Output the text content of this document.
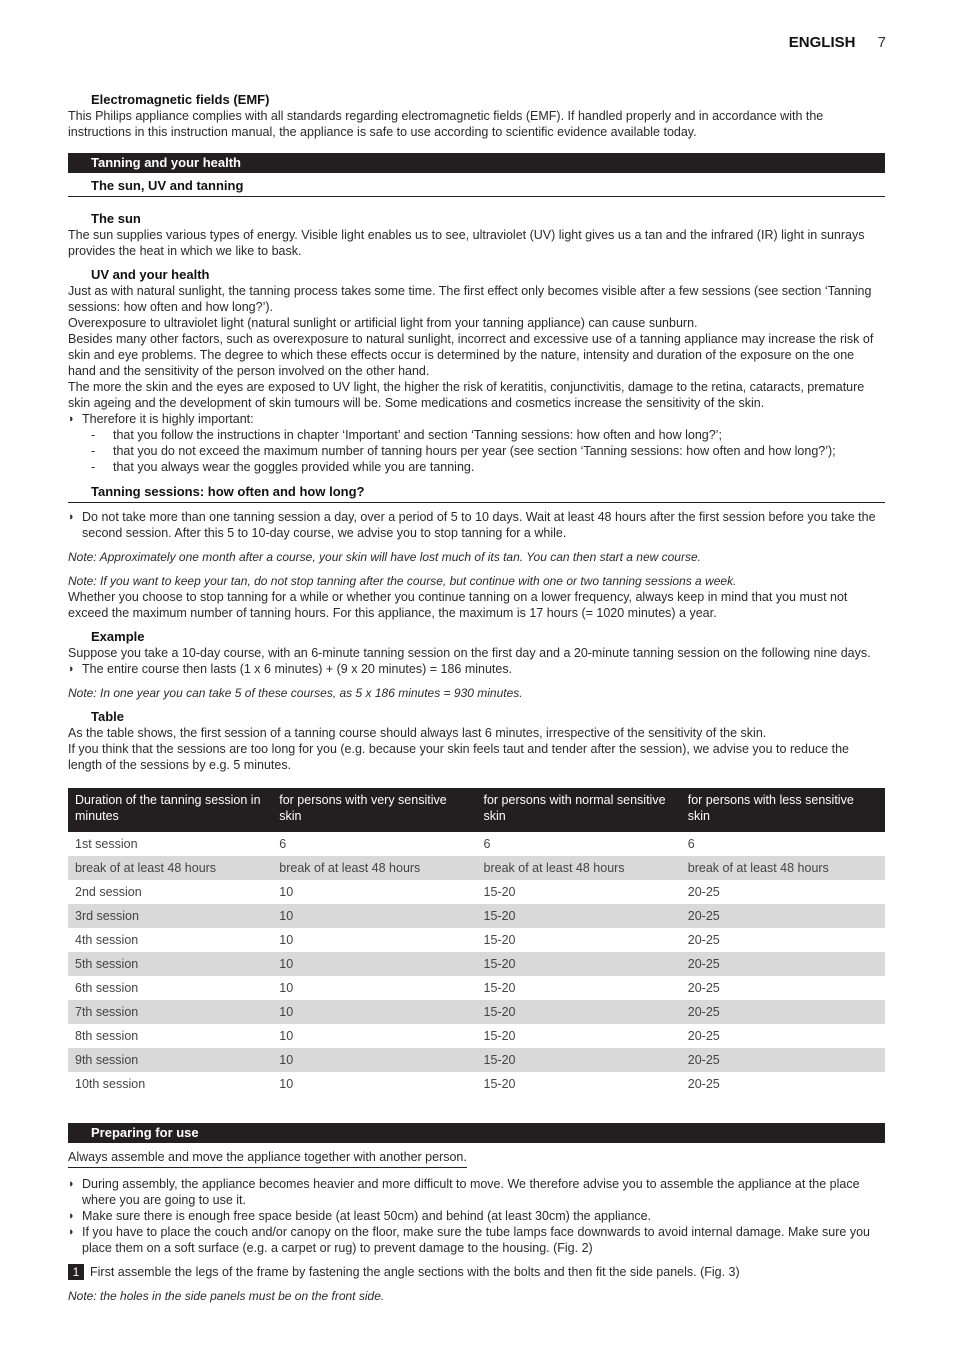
ENGLISH 7
Electromagnetic fields (EMF)

This Philips appliance complies with all standards regarding electromagnetic fields (EMF). If handled properly and in accordance with the instructions in this instruction manual, the appliance is safe to use according to scientific evidence available today.

Tanning and your health
The sun, UV and tanning
The sun

The sun supplies various types of energy. Visible light enables us to see, ultraviolet (UV) light gives us a tan and the infrared (IR) light in sunrays provides the heat in which we like to bask.

UV and your health

Just as with natural sunlight, the tanning process takes some time. The first effect only becomes visible after a few sessions (see section ‘Tanning sessions: how often and how long?’).

Overexposure to ultraviolet light (natural sunlight or artificial light from your tanning appliance) can cause sunburn.

Besides many other factors, such as overexposure to natural sunlight, incorrect and excessive use of a tanning appliance may increase the risk of skin and eye problems. The degree to which these effects occur is determined by the nature, intensity and duration of the exposure on the one hand and the sensitivity of the person involved on the other hand.

The more the skin and the eyes are exposed to UV light, the higher the risk of keratitis, conjunctivitis, damage to the retina, cataracts, premature skin ageing and the development of skin tumours will be. Some medications and cosmetics increase the sensitivity of the skin.

◗ Therefore it is highly important:
- that you follow the instructions in chapter ‘Important’ and section ‘Tanning sessions: how often and how long?’;
- that you do not exceed the maximum number of tanning hours per year (see section ‘Tanning sessions: how often and how long?’);
- that you always wear the goggles provided while you are tanning.
Tanning sessions: how often and how long?
◗ Do not take more than one tanning session a day, over a period of 5 to 10 days. Wait at least 48 hours after the first session before you take the second session. After this 5 to 10-day course, we advise you to stop tanning for a while.
Note: Approximately one month after a course, your skin will have lost much of its tan. You can then start a new course.
Note: If you want to keep your tan, do not stop tanning after the course, but continue with one or two tanning sessions a week.

Whether you choose to stop tanning for a while or whether you continue tanning on a lower frequency, always keep in mind that you must not exceed the maximum number of tanning hours. For this appliance, the maximum is 17 hours (= 1020 minutes) a year.

Example

Suppose you take a 10-day course, with an 6-minute tanning session on the first day and a 20-minute tanning session on the following nine days.

◗ The entire course then lasts (1 x 6 minutes) + (9 x 20 minutes) = 186 minutes.
Note: In one year you can take 5 of these courses, as 5 x 186 minutes = 930 minutes.
Table

As the table shows, the first session of a tanning course should always last 6 minutes, irrespective of the sensitivity of the skin.

If you think that the sessions are too long for you (e.g. because your skin feels taut and tender after the session), we advise you to reduce the length of the sessions by e.g. 5 minutes.

Duration of the tanning session in minutes	for persons with very sensitive skin	for persons with normal sensitive skin	for persons with less sensitive skin
1st session	6	6	6
break of at least 48 hours	break of at least 48 hours	break of at least 48 hours	break of at least 48 hours
2nd session	10	15-20	20-25
3rd session	10	15-20	20-25
4th session	10	15-20	20-25
5th session	10	15-20	20-25
6th session	10	15-20	20-25
7th session	10	15-20	20-25
8th session	10	15-20	20-25
9th session	10	15-20	20-25
10th session	10	15-20	20-25
Preparing for use
Always assemble and move the appliance together with another person.
◗ During assembly, the appliance becomes heavier and more difficult to move. We therefore advise you to assemble the appliance at the place where you are going to use it.
◗ Make sure there is enough free space beside (at least 50cm) and behind (at least 30cm) the appliance.
◗ If you have to place the couch and/or canopy on the floor, make sure the tube lamps face downwards to avoid internal damage. Make sure you place them on a soft surface (e.g. a carpet or rug) to prevent damage to the housing. (Fig. 2)
1 First assemble the legs of the frame by fastening the angle sections with the bolts and then fit the side panels. (Fig. 3)
Note: the holes in the side panels must be on the front side.
